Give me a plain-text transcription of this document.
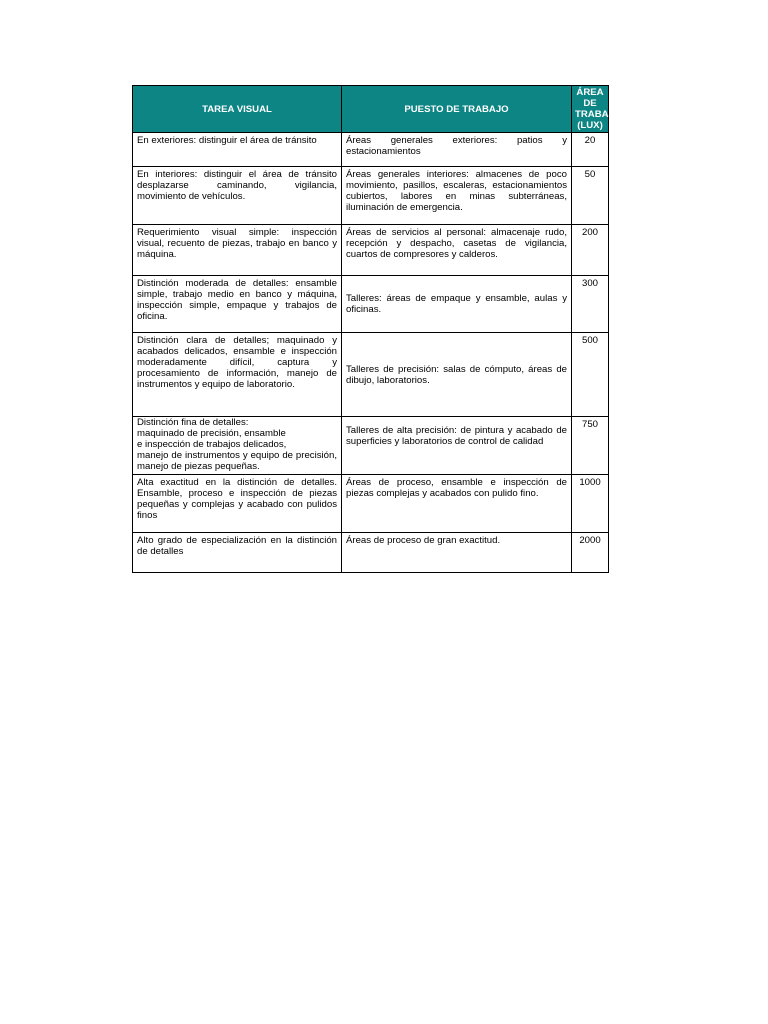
TAREA VISUAL	PUESTO DE TRABAJO	ÁREA DE TRABAJO (LUX)
En exteriores: distinguir el área de tránsito	Áreas generales exteriores: patios y estacionamientos	20
En interiores: distinguir el área de tránsito desplazarse caminando, vigilancia, movimiento de vehículos.	Áreas generales interiores: almacenes de poco movimiento, pasillos, escaleras, estacionamientos cubiertos, labores en minas subterráneas, iluminación de emergencia.	50
Requerimiento visual simple: inspección visual, recuento de piezas, trabajo en banco y máquina.	Áreas de servicios al personal: almacenaje rudo, recepción y despacho, casetas de vigilancia, cuartos de compresores y calderos.	200
Distinción moderada de detalles: ensamble simple, trabajo medio en banco y máquina, inspección simple, empaque y trabajos de oficina.	Talleres: áreas de empaque y ensamble, aulas y oficinas.	300
Distinción clara de detalles; maquinado y acabados delicados, ensamble e inspección moderadamente difícil, captura y procesamiento de información, manejo de instrumentos y equipo de laboratorio.	Talleres de precisión: salas de cómputo, áreas de dibujo, laboratorios.	500

Distinción fina de detalles:
maquinado de precisión, ensamble
e inspección de trabajos delicados,
manejo de instrumentos y equipo de precisión, manejo de piezas pequeñas.	Talleres de alta precisión: de pintura y acabado de superficies y laboratorios de control de calidad	750
Alta exactitud en la distinción de detalles. Ensamble, proceso e inspección de piezas pequeñas y complejas y acabado con pulidos finos	Áreas de proceso, ensamble e inspección de piezas complejas y acabados con pulido fino.	1000
Alto grado de especialización en la distinción de detalles	Áreas de proceso de gran exactitud.	2000
